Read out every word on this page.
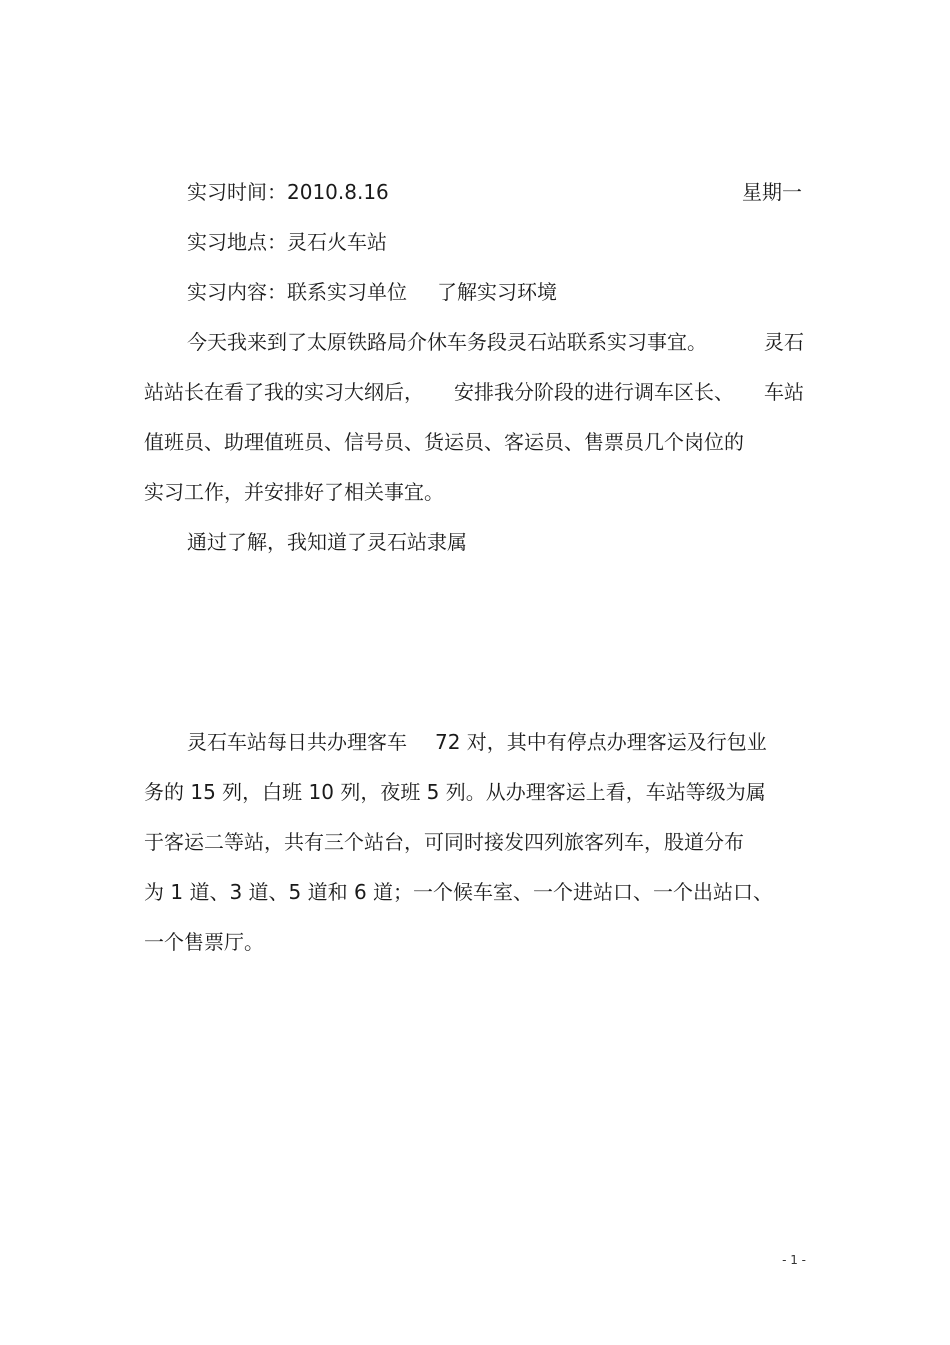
实习时间：2010.8.16	星期一

实习地点：灵石火车站

实习内容：联系实习单位 了解实习环境

今天我来到了太原铁路局介休车务段灵石站联系实习事宜。	灵石

站站长在看了我的实习大纲后， 安排我分阶段的进行调车区长、 车站

值班员、助理值班员、信号员、货运员、客运员、售票员几个岗位的

实习工作，并安排好了相关事宜。

通过了解，我知道了灵石站隶属

灵石车站每日共办理客车 72 对，其中有停点办理客运及行包业

务的 15 列，白班 10 列，夜班 5 列。从办理客运上看，车站等级为属

于客运二等站，共有三个站台，可同时接发四列旅客列车，股道分布

为 1 道、3 道、5 道和 6 道；一个候车室、一个进站口、一个出站口、

一个售票厅。

- 1 -
